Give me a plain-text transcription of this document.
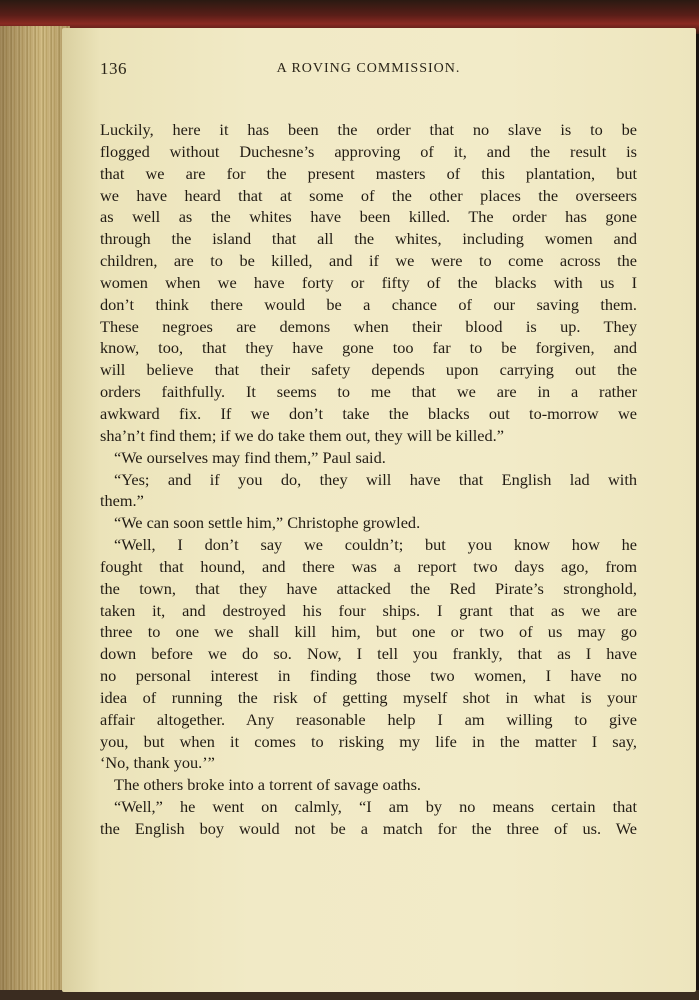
136	A ROVING COMMISSION.
Luckily, here it has been the order that no slave is to be
flogged without Duchesne’s approving of it, and the result is
that we are for the present masters of this plantation, but
we have heard that at some of the other places the overseers
as well as the whites have been killed. The order has gone
through the island that all the whites, including women and
children, are to be killed, and if we were to come across the
women when we have forty or fifty of the blacks with us I
don’t think there would be a chance of our saving them.
These negroes are demons when their blood is up. They
know, too, that they have gone too far to be forgiven, and
will believe that their safety depends upon carrying out the
orders faithfully. It seems to me that we are in a rather
awkward fix. If we don’t take the blacks out to-morrow we
sha’n’t find them; if we do take them out, they will be killed.”
“We ourselves may find them,” Paul said.
“Yes; and if you do, they will have that English lad with
them.”
“We can soon settle him,” Christophe growled.
“Well, I don’t say we couldn’t; but you know how he
fought that hound, and there was a report two days ago, from
the town, that they have attacked the Red Pirate’s stronghold,
taken it, and destroyed his four ships. I grant that as we are
three to one we shall kill him, but one or two of us may go
down before we do so. Now, I tell you frankly, that as I have
no personal interest in finding those two women, I have no
idea of running the risk of getting myself shot in what is your
affair altogether. Any reasonable help I am willing to give
you, but when it comes to risking my life in the matter I say,
‘No, thank you.’”
The others broke into a torrent of savage oaths.
“Well,” he went on calmly, “I am by no means certain that
the English boy would not be a match for the three of us. We
